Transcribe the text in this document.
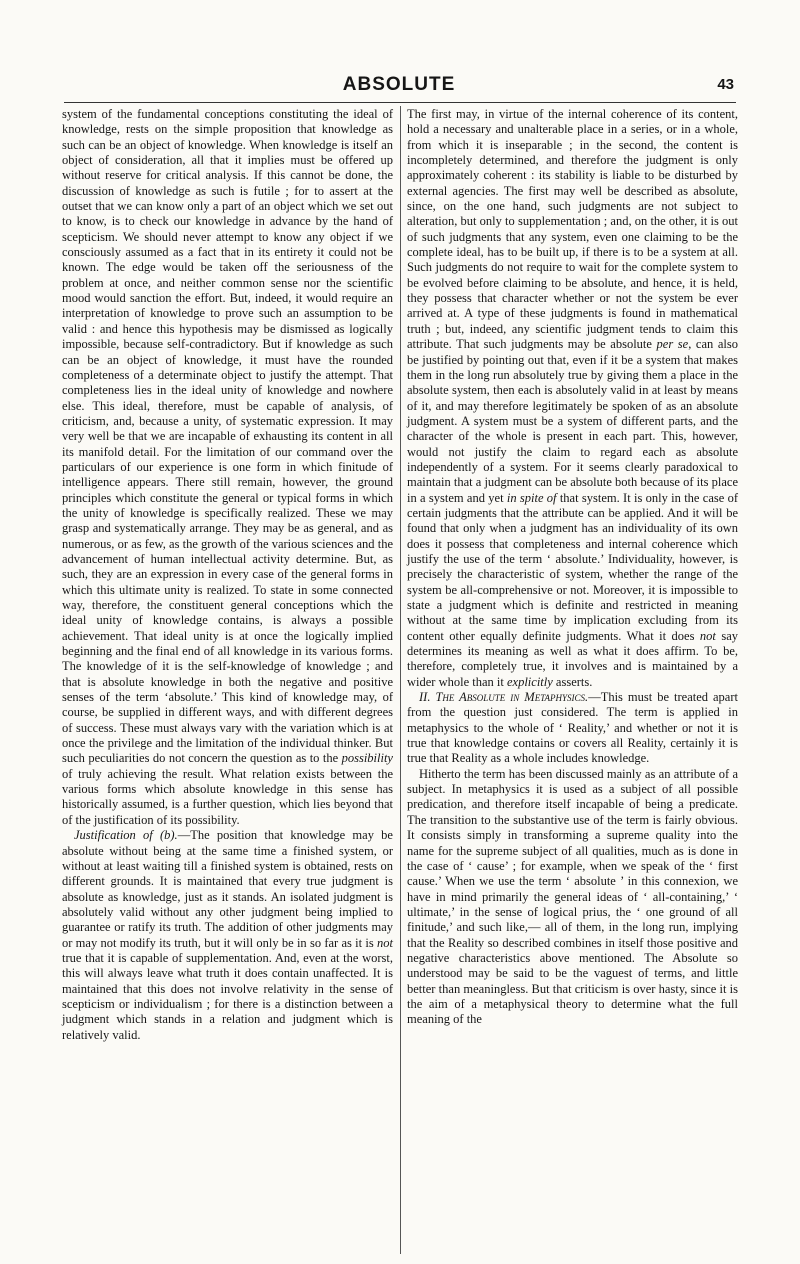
ABSOLUTE	43

system of the fundamental conceptions constituting the ideal of knowledge, rests on the simple proposition that knowledge as such can be an object of knowledge. When knowledge is itself an object of consideration, all that it implies must be offered up without reserve for critical analysis. If this cannot be done, the discussion of knowledge as such is futile ; for to assert at the outset that we can know only a part of an object which we set out to know, is to check our knowledge in advance by the hand of scepticism. We should never attempt to know any object if we consciously assumed as a fact that in its entirety it could not be known. The edge would be taken off the seriousness of the problem at once, and neither common sense nor the scientific mood would sanction the effort. But, indeed, it would require an interpretation of knowledge to prove such an assumption to be valid : and hence this hypothesis may be dismissed as logically impossible, because self-contradictory. But if knowledge as such can be an object of knowledge, it must have the rounded completeness of a determinate object to justify the attempt. That completeness lies in the ideal unity of knowledge and nowhere else. This ideal, therefore, must be capable of analysis, of criticism, and, because a unity, of systematic expression. It may very well be that we are incapable of exhausting its content in all its manifold detail. For the limitation of our command over the particulars of our experience is one form in which finitude of intelligence appears. There still remain, however, the ground principles which constitute the general or typical forms in which the unity of knowledge is specifically realized. These we may grasp and systematically arrange. They may be as general, and as numerous, or as few, as the growth of the various sciences and the advancement of human intellectual activity determine. But, as such, they are an expression in every case of the general forms in which this ultimate unity is realized. To state in some connected way, therefore, the constituent general conceptions which the ideal unity of knowledge contains, is always a possible achievement. That ideal unity is at once the logically implied beginning and the final end of all knowledge in its various forms. The knowledge of it is the self-knowledge of knowledge ; and that is absolute knowledge in both the negative and positive senses of the term ‘absolute.’ This kind of knowledge may, of course, be supplied in different ways, and with different degrees of success. These must always vary with the variation which is at once the privilege and the limitation of the individual thinker. But such peculiarities do not concern the question as to the possibility of truly achieving the result. What relation exists between the various forms which absolute knowledge in this sense has historically assumed, is a further question, which lies beyond that of the justification of its possibility.

Justification of (b).—The position that knowledge may be absolute without being at the same time a finished system, or without at least waiting till a finished system is obtained, rests on different grounds. It is maintained that every true judgment is absolute as knowledge, just as it stands. An isolated judgment is absolutely valid without any other judgment being implied to guarantee or ratify its truth. The addition of other judgments may or may not modify its truth, but it will only be in so far as it is not true that it is capable of supplementation. And, even at the worst, this will always leave what truth it does contain unaffected. It is maintained that this does not involve relativity in the sense of scepticism or individualism ; for there is a distinction between a judgment which stands in a relation and judgment which is relatively valid.

The first may, in virtue of the internal coherence of its content, hold a necessary and unalterable place in a series, or in a whole, from which it is inseparable ; in the second, the content is incompletely determined, and therefore the judgment is only approximately coherent : its stability is liable to be disturbed by external agencies. The first may well be described as absolute, since, on the one hand, such judgments are not subject to alteration, but only to supplementation ; and, on the other, it is out of such judgments that any system, even one claiming to be the complete ideal, has to be built up, if there is to be a system at all. Such judgments do not require to wait for the complete system to be evolved before claiming to be absolute, and hence, it is held, they possess that character whether or not the system be ever arrived at. A type of these judgments is found in mathematical truth ; but, indeed, any scientific judgment tends to claim this attribute. That such judgments may be absolute per se, can also be justified by pointing out that, even if it be a system that makes them in the long run absolutely true by giving them a place in the absolute system, then each is absolutely valid in at least by means of it, and may therefore legitimately be spoken of as an absolute judgment. A system must be a system of different parts, and the character of the whole is present in each part. This, however, would not justify the claim to regard each as absolute independently of a system. For it seems clearly paradoxical to maintain that a judgment can be absolute both because of its place in a system and yet in spite of that system. It is only in the case of certain judgments that the attribute can be applied. And it will be found that only when a judgment has an individuality of its own does it possess that completeness and internal coherence which justify the use of the term ‘ absolute.’ Individuality, however, is precisely the characteristic of system, whether the range of the system be all-comprehensive or not. Moreover, it is impossible to state a judgment which is definite and restricted in meaning without at the same time by implication excluding from its content other equally definite judgments. What it does not say determines its meaning as well as what it does affirm. To be, therefore, completely true, it involves and is maintained by a wider whole than it explicitly asserts.

II. The Absolute in Metaphysics.—This must be treated apart from the question just considered. The term is applied in metaphysics to the whole of ‘ Reality,’ and whether or not it is true that knowledge contains or covers all Reality, certainly it is true that Reality as a whole includes knowledge.

Hitherto the term has been discussed mainly as an attribute of a subject. In metaphysics it is used as a subject of all possible predication, and therefore itself incapable of being a predicate. The transition to the substantive use of the term is fairly obvious. It consists simply in transforming a supreme quality into the name for the supreme subject of all qualities, much as is done in the case of ‘ cause’ ; for example, when we speak of the ‘ first cause.’ When we use the term ‘ absolute ’ in this connexion, we have in mind primarily the general ideas of ‘ all-containing,’ ‘ ultimate,’ in the sense of logical prius, the ‘ one ground of all finitude,’ and such like,— all of them, in the long run, implying that the Reality so described combines in itself those positive and negative characteristics above mentioned. The Absolute so understood may be said to be the vaguest of terms, and little better than meaningless. But that criticism is over hasty, since it is the aim of a metaphysical theory to determine what the full meaning of the
